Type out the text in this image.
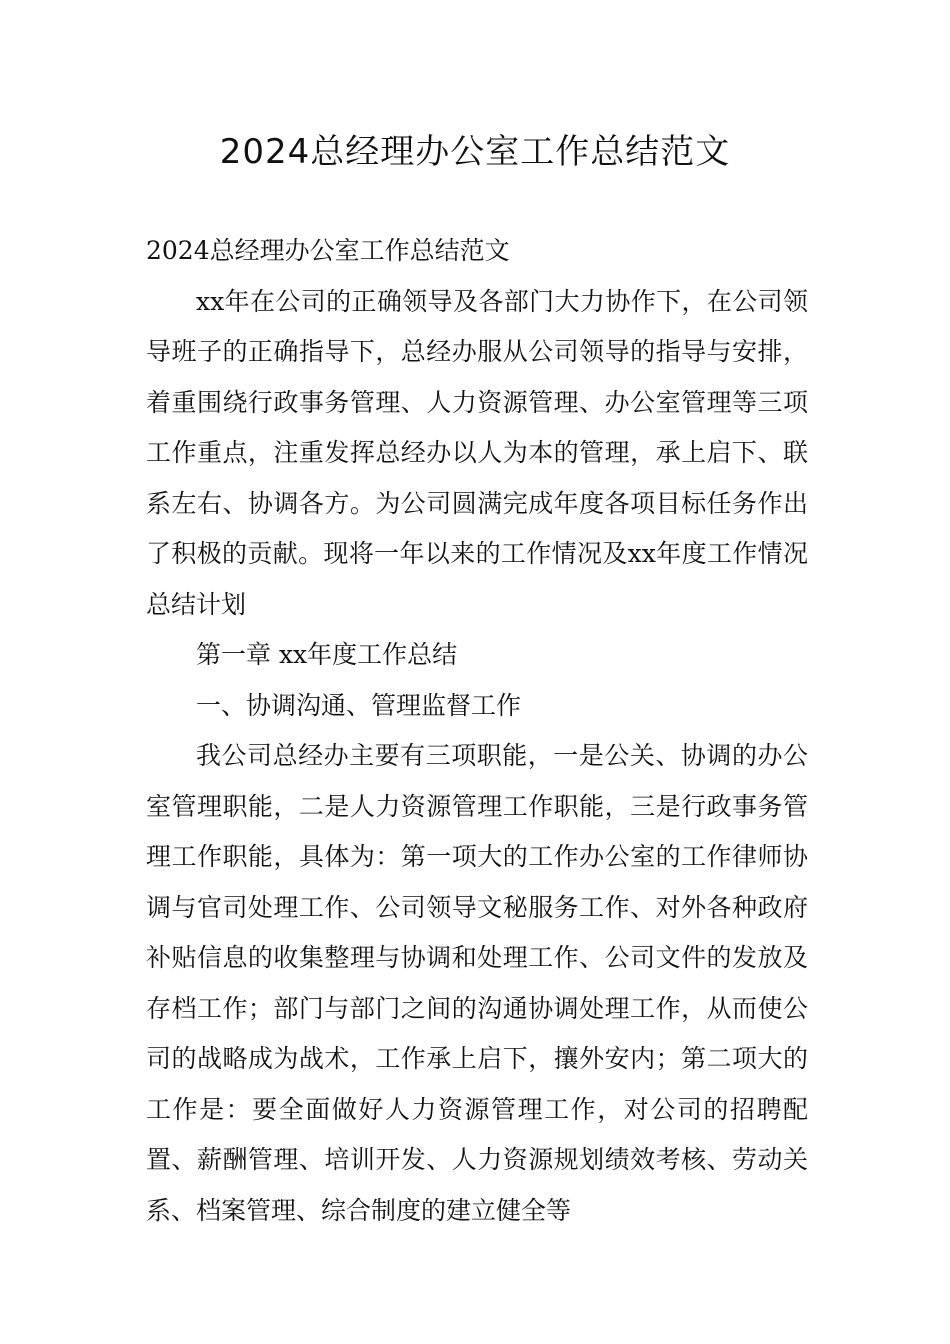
2024总经理办公室工作总结范文

2024总经理办公室工作总结范文

xx年在公司的正确领导及各部门大力协作下，在公司领导班子的正确指导下，总经办服从公司领导的指导与安排，着重围绕行政事务管理、人力资源管理、办公室管理等三项工作重点，注重发挥总经办以人为本的管理，承上启下、联系左右、协调各方。为公司圆满完成年度各项目标任务作出了积极的贡献。现将一年以来的工作情况及xx年度工作情况总结计划

第一章 xx年度工作总结

一、协调沟通、管理监督工作

我公司总经办主要有三项职能，一是公关、协调的办公室管理职能，二是人力资源管理工作职能，三是行政事务管理工作职能，具体为：第一项大的工作办公室的工作律师协调与官司处理工作、公司领导文秘服务工作、对外各种政府补贴信息的收集整理与协调和处理工作、公司文件的发放及存档工作；部门与部门之间的沟通协调处理工作，从而使公司的战略成为战术，工作承上启下，攘外安内；第二项大的工作是：要全面做好人力资源管理工作，对公司的招聘配置、薪酬管理、培训开发、人力资源规划绩效考核、劳动关系、档案管理、综合制度的建立健全等
